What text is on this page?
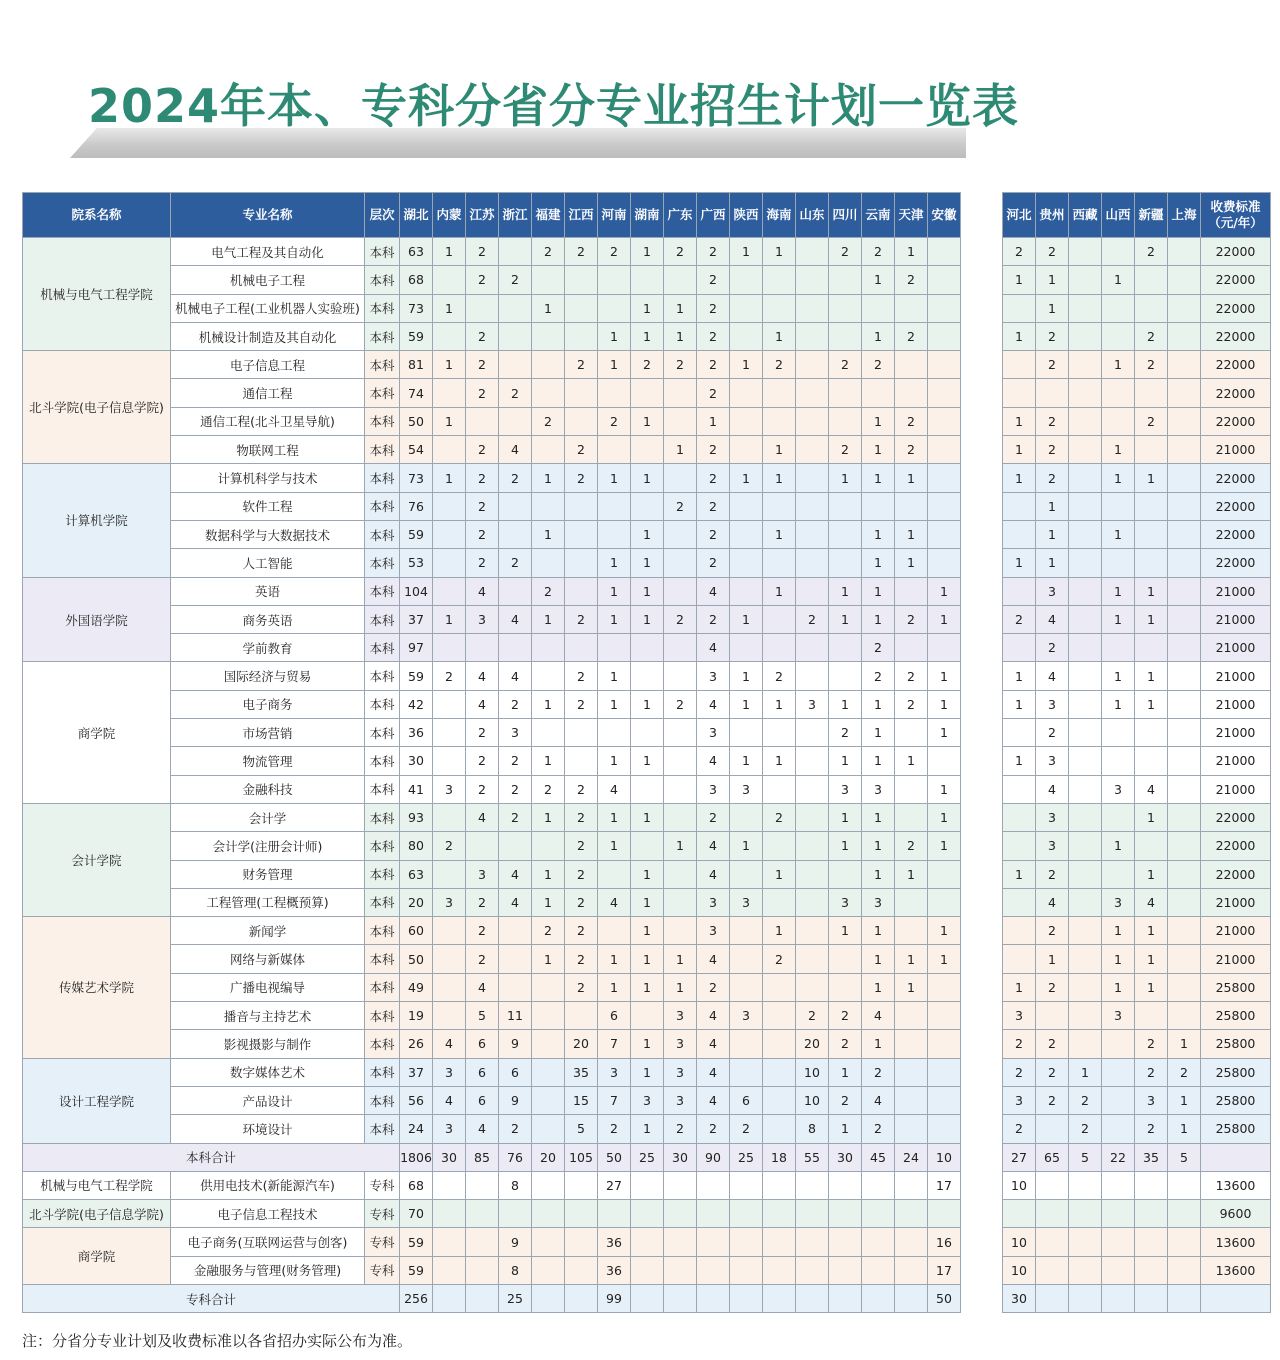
2024年本、专科分省分专业招生计划一览表
院系名称	专业名称	层次	湖北	内蒙	江苏	浙江	福建	江西	河南	湖南	广东	广西	陕西	海南	山东	四川	云南	天津	安徽		河北	贵州	西藏	山西	新疆	上海	收费标准（元/年）
机械与电气工程学院	电气工程及其自动化	本科	63	1	2		2	2	2	1	2	2	1	1		2	2	1			2	2			2		22000
	机械电子工程	本科	68		2	2						2					1	2			1	1		1			22000
	机械电子工程(工业机器人实验班)	本科	73	1			1			1	1	2										1					22000
	机械设计制造及其自动化	本科	59		2				1	1	1	2		1			1	2			1	2			2		22000
北斗学院(电子信息学院)	电子信息工程	本科	81	1	2			2	1	2	2	2	1	2		2	2					2		1	2		22000
	通信工程	本科	74		2	2						2															22000
	通信工程(北斗卫星导航)	本科	50	1			2		2	1		1					1	2			1	2			2		22000
	物联网工程	本科	54		2	4		2			1	2		1		2	1	2			1	2		1			21000
计算机学院	计算机科学与技术	本科	73	1	2	2	1	2	1	1		2	1	1		1	1	1			1	2		1	1		22000
	软件工程	本科	76		2						2	2										1					22000
	数据科学与大数据技术	本科	59		2		1			1		2		1			1	1				1		1			22000
	人工智能	本科	53		2	2			1	1		2					1	1			1	1					22000
外国语学院	英语	本科	104		4		2		1	1		4		1		1	1		1			3		1	1		21000
	商务英语	本科	37	1	3	4	1	2	1	1	2	2	1		2	1	1	2	1		2	4		1	1		21000
	学前教育	本科	97									4					2					2					21000
商学院	国际经济与贸易	本科	59	2	4	4		2	1			3	1	2			2	2	1		1	4		1	1		21000
	电子商务	本科	42		4	2	1	2	1	1	2	4	1	1	3	1	1	2	1		1	3		1	1		21000
	市场营销	本科	36		2	3						3				2	1		1			2					21000
	物流管理	本科	30		2	2	1		1	1		4	1	1		1	1	1			1	3					21000
	金融科技	本科	41	3	2	2	2	2	4			3	3			3	3		1			4		3	4		21000
会计学院	会计学	本科	93		4	2	1	2	1	1		2		2		1	1		1			3			1		22000
	会计学(注册会计师)	本科	80	2				2	1		1	4	1			1	1	2	1			3		1			22000
	财务管理	本科	63		3	4	1	2		1		4		1			1	1			1	2			1		22000
	工程管理(工程概预算)	本科	20	3	2	4	1	2	4	1		3	3			3	3					4		3	4		21000
传媒艺术学院	新闻学	本科	60		2		2	2		1		3		1		1	1		1			2		1	1		21000
	网络与新媒体	本科	50		2		1	2	1	1	1	4		2			1	1	1			1		1	1		21000
	广播电视编导	本科	49		4			2	1	1	1	2					1	1			1	2		1	1		25800
	播音与主持艺术	本科	19		5	11			6		3	4	3		2	2	4				3			3			25800
	影视摄影与制作	本科	26	4	6	9		20	7	1	3	4			20	2	1				2	2			2	1	25800
设计工程学院	数字媒体艺术	本科	37	3	6	6		35	3	1	3	4			10	1	2				2	2	1		2	2	25800
	产品设计	本科	56	4	6	9		15	7	3	3	4	6		10	2	4				3	2	2		3	1	25800
	环境设计	本科	24	3	4	2		5	2	1	2	2	2		8	1	2				2		2		2	1	25800
本科合计			1806	30	85	76	20	105	50	25	30	90	25	18	55	30	45	24	10		27	65	5	22	35	5	
机械与电气工程学院	供用电技术(新能源汽车)	专科	68			8			27										17		10						13600
北斗学院(电子信息学院)	电子信息工程技术	专科	70																								9600
商学院	电子商务(互联网运营与创客)	专科	59			9			36										16		10						13600
	金融服务与管理(财务管理)	专科	59			8			36										17		10						13600
专科合计			256			25			99										50		30						

注：分省分专业计划及收费标准以各省招办实际公布为准。
